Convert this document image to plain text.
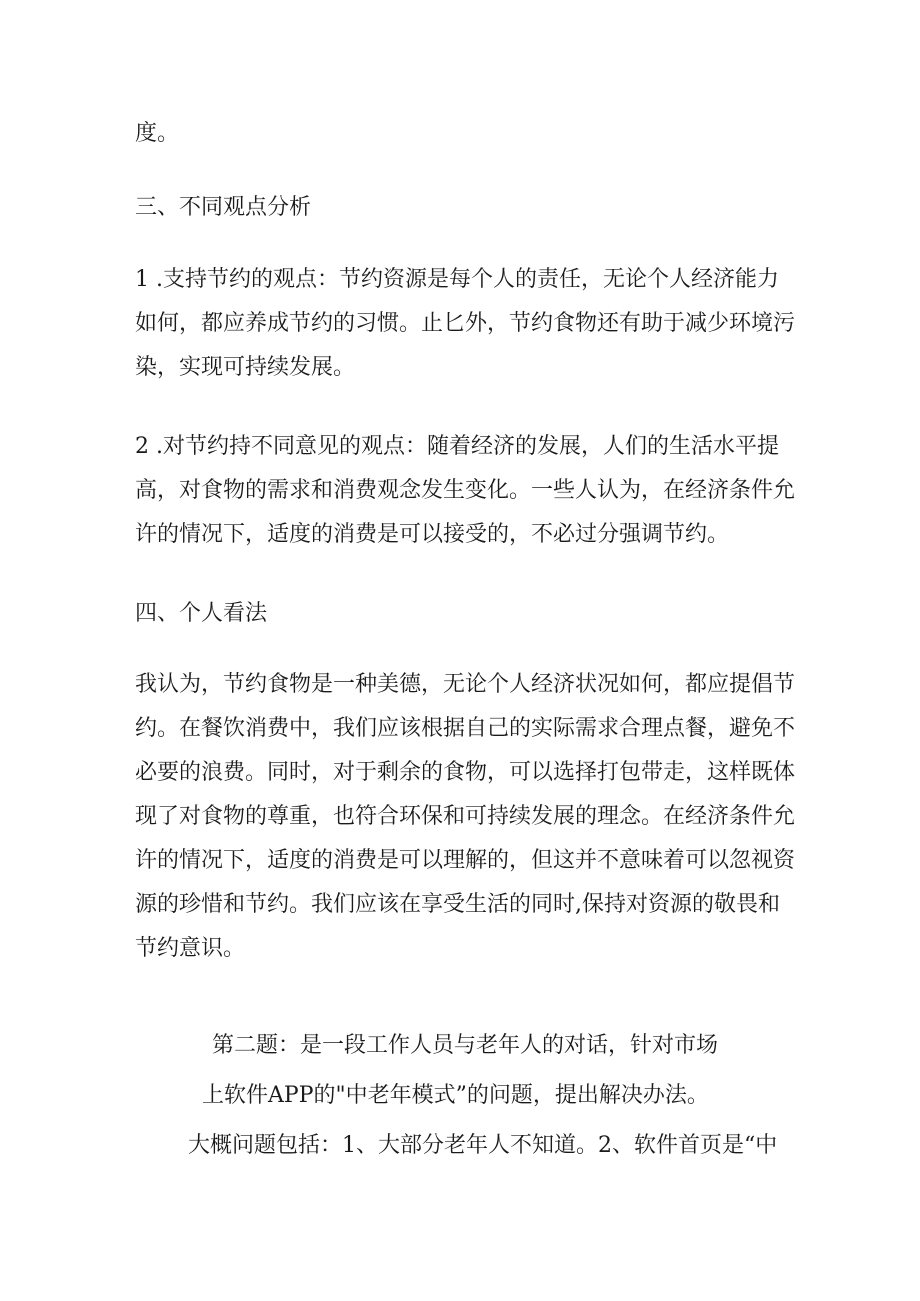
度。

三、不同观点分析

1 .支持节约的观点：节约资源是每个人的责任，无论个人经济能力
如何，都应养成节约的习惯。止匕外，节约食物还有助于减少环境污
染，实现可持续发展。

2 .对节约持不同意见的观点：随着经济的发展，人们的生活水平提
高，对食物的需求和消费观念发生变化。一些人认为，在经济条件允
许的情况下，适度的消费是可以接受的，不必过分强调节约。

四、个人看法

我认为，节约食物是一种美德，无论个人经济状况如何，都应提倡节
约。在餐饮消费中，我们应该根据自己的实际需求合理点餐，避免不
必要的浪费。同时，对于剩余的食物，可以选择打包带走，这样既体
现了对食物的尊重，也符合环保和可持续发展的理念。在经济条件允
许的情况下，适度的消费是可以理解的，但这并不意味着可以忽视资
源的珍惜和节约。我们应该在享受生活的同时,保持对资源的敬畏和
节约意识。

第二题：是一段工作人员与老年人的对话，针对市场

上软件APP的"中老年模式”的问题，提出解决办法。

大概问题包括：1、大部分老年人不知道。2、软件首页是“中
